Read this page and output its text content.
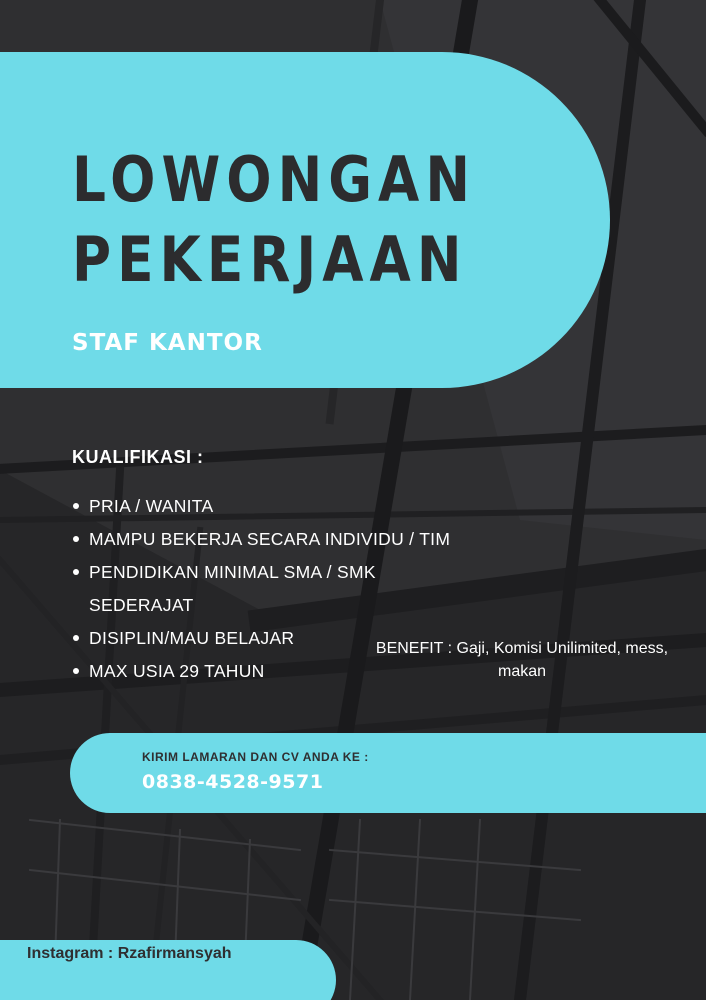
LOWONGAN
PEKERJAAN
STAF KANTOR
KUALIFIKASI :
PRIA / WANITA
MAMPU BEKERJA SECARA INDIVIDU / TIM
PENDIDIKAN MINIMAL SMA / SMK
SEDERAJAT
DISIPLIN/MAU BELAJAR
MAX USIA 29 TAHUN
BENEFIT : Gaji, Komisi Unilimited, mess, makan
KIRIM LAMARAN DAN CV ANDA KE :
0838-4528-9571
Instagram : Rzafirmansyah
